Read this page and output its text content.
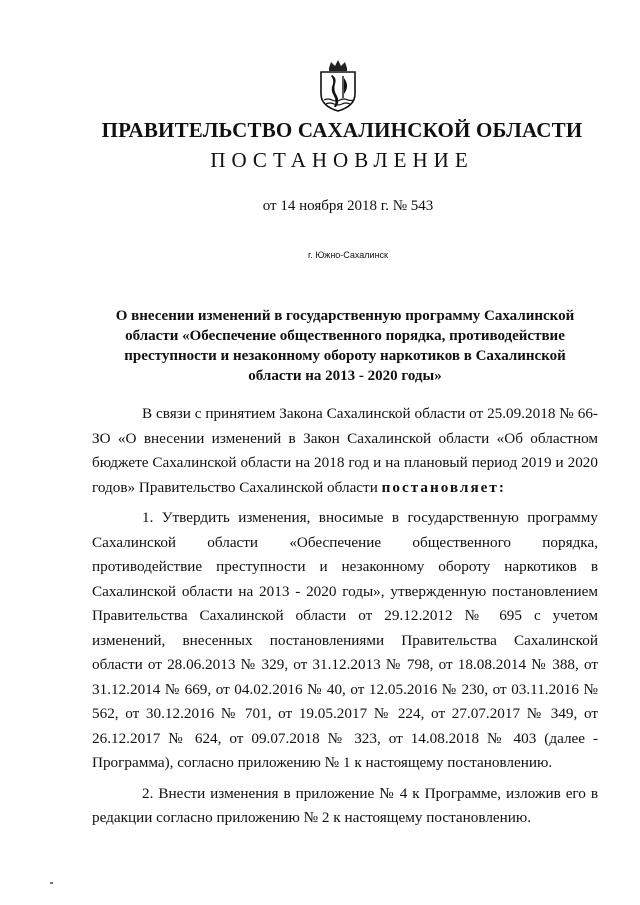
ПРАВИТЕЛЬСТВО САХАЛИНСКОЙ ОБЛАСТИ
ПОСТАНОВЛЕНИЕ
от 14 ноября 2018 г. № 543
г. Южно-Сахалинск
О внесении изменений в государственную программу Сахалинской области «Обеспечение общественного порядка, противодействие преступности и незаконному обороту наркотиков в Сахалинской области на 2013 - 2020 годы»

В связи с принятием Закона Сахалинской области от 25.09.2018 № 66-ЗО «О внесении изменений в Закон Сахалинской области «Об областном бюджете Сахалинской области на 2018 год и на плановый период 2019 и 2020 годов» Правительство Сахалинской области постановляет:

1. Утвердить изменения, вносимые в государственную программу Сахалинской области «Обеспечение общественного порядка, противодействие преступности и незаконному обороту наркотиков в Сахалинской области на 2013 - 2020 годы», утвержденную постановлением Правительства Сахалинской области от 29.12.2012 № 695 с учетом изменений, внесенных постановлениями Правительства Сахалинской области от 28.06.2013 № 329, от 31.12.2013 № 798, от 18.08.2014 № 388, от 31.12.2014 № 669, от 04.02.2016 № 40, от 12.05.2016 № 230, от 03.11.2016 № 562, от 30.12.2016 № 701, от 19.05.2017 № 224, от 27.07.2017 № 349, от 26.12.2017 № 624, от 09.07.2018 № 323, от 14.08.2018 № 403 (далее - Программа), согласно приложению № 1 к настоящему постановлению.

2. Внести изменения в приложение № 4 к Программе, изложив его в редакции согласно приложению № 2 к настоящему постановлению.
